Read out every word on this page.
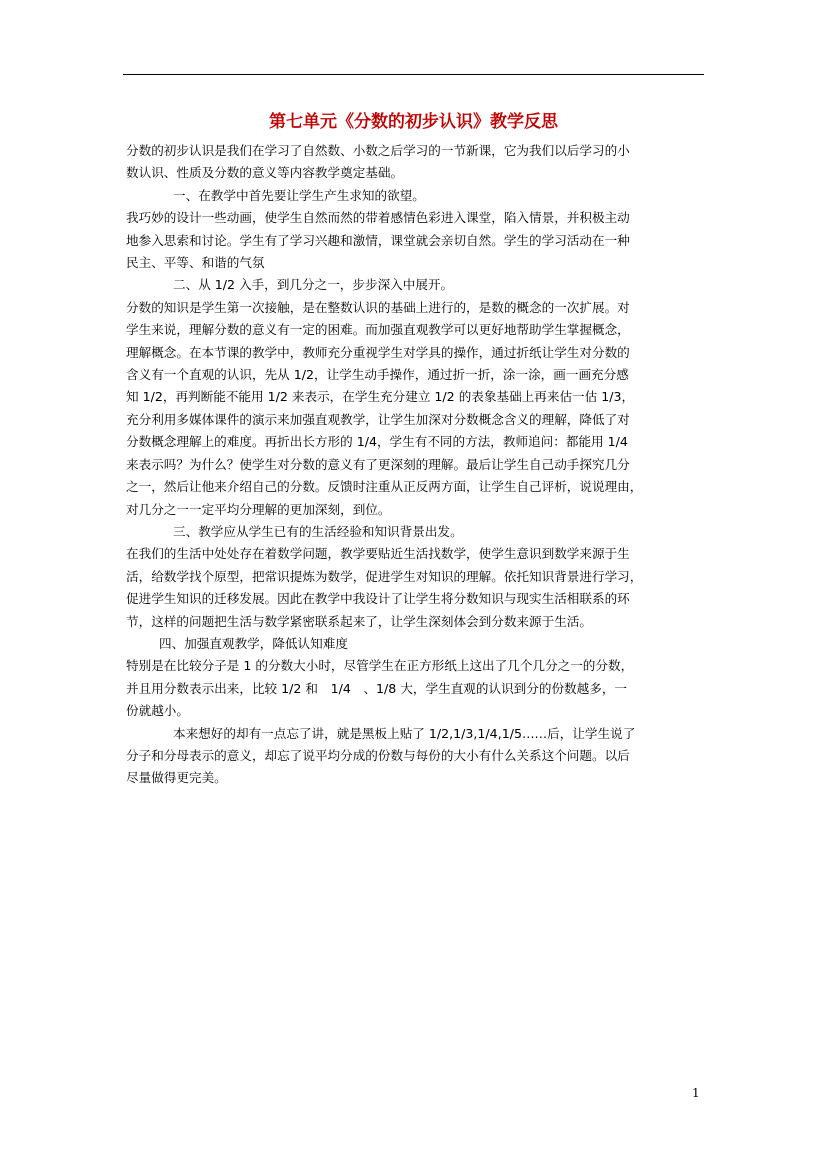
第七单元《分数的初步认识》教学反思

分数的初步认识是我们在学习了自然数、小数之后学习的一节新课，它为我们以后学习的小

数认识、性质及分数的意义等内容教学奠定基础。

一、在教学中首先要让学生产生求知的欲望。

我巧妙的设计一些动画，使学生自然而然的带着感情色彩进入课堂，陷入情景，并积极主动

地参入思索和讨论。学生有了学习兴趣和激情，课堂就会亲切自然。学生的学习活动在一种

民主、平等、和谐的气氛

二、从 1/2 入手，到几分之一，步步深入中展开。

分数的知识是学生第一次接触，是在整数认识的基础上进行的，是数的概念的一次扩展。对

学生来说，理解分数的意义有一定的困难。而加强直观教学可以更好地帮助学生掌握概念，

理解概念。在本节课的教学中，教师充分重视学生对学具的操作，通过折纸让学生对分数的

含义有一个直观的认识，先从 1/2，让学生动手操作，通过折一折，涂一涂，画一画充分感

知 1/2，再判断能不能用 1/2 来表示，在学生充分建立 1/2 的表象基础上再来估一估 1/3，

充分利用多媒体课件的演示来加强直观教学，让学生加深对分数概念含义的理解，降低了对

分数概念理解上的难度。再折出长方形的 1/4，学生有不同的方法，教师追问：都能用 1/4

来表示吗？为什么？使学生对分数的意义有了更深刻的理解。最后让学生自己动手探究几分

之一，然后让他来介绍自己的分数。反馈时注重从正反两方面，让学生自己评析，说说理由，

对几分之一一定平均分理解的更加深刻，到位。

三、教学应从学生已有的生活经验和知识背景出发。

在我们的生活中处处存在着数学问题，教学要贴近生活找数学，使学生意识到数学来源于生

活，给数学找个原型，把常识提炼为数学，促进学生对知识的理解。依托知识背景进行学习，

促进学生知识的迁移发展。因此在教学中我设计了让学生将分数知识与现实生活相联系的环

节，这样的问题把生活与数学紧密联系起来了，让学生深刻体会到分数来源于生活。

四、加强直观教学，降低认知难度

特别是在比较分子是 1 的分数大小时，尽管学生在正方形纸上这出了几个几分之一的分数，

并且用分数表示出来，比较 1/2 和　1/4　、1/8 大，学生直观的认识到分的份数越多，一

份就越小。

本来想好的却有一点忘了讲，就是黑板上贴了 1/2,1/3,1/4,1/5……后，让学生说了

分子和分母表示的意义，却忘了说平均分成的份数与每份的大小有什么关系这个问题。以后

尽量做得更完美。

1
